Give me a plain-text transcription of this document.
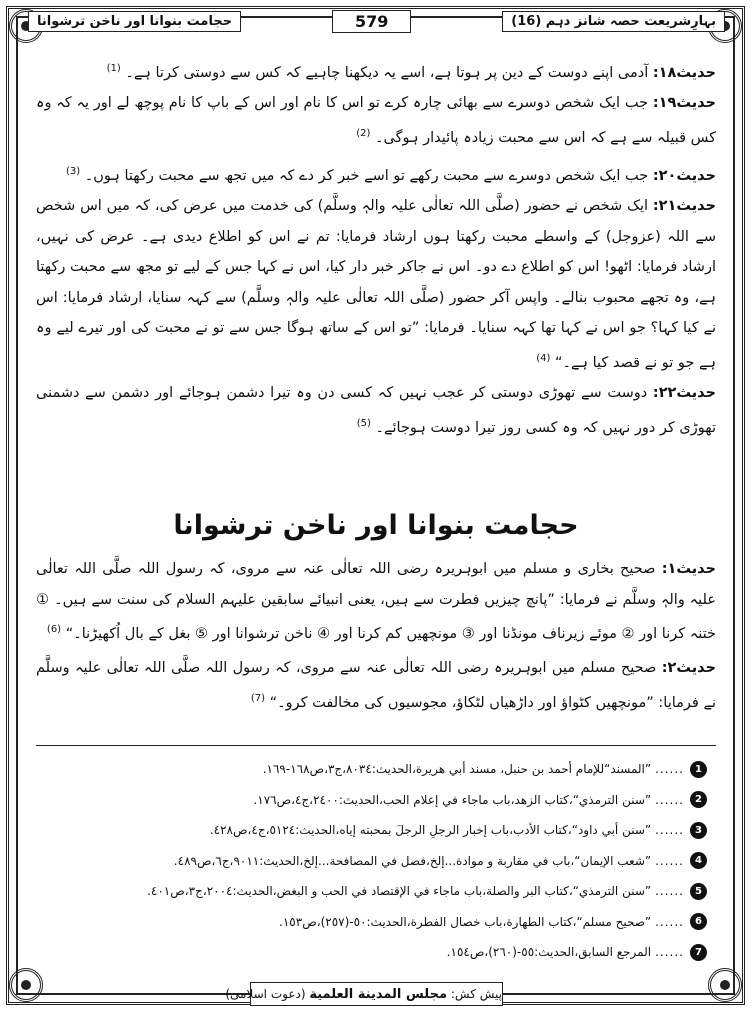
حجامت بنوانا اور ناخن ترشوانا	579	بہارِشریعت حصہ شانز دہم (16)

حدیث۱۸: آدمی اپنے دوست کے دین پر ہوتا ہے، اسے یہ دیکھنا چاہیے کہ کس سے دوستی کرتا ہے۔ $^{(1)}$

حدیث۱۹: جب ایک شخص دوسرے سے بھائی چارہ کرے تو اس کا نام اور اس کے باپ کا نام پوچھ لے اور یہ کہ وہ کس قبیلہ سے ہے کہ اس سے محبت زیادہ پائیدار ہوگی۔ $^{(2)}$

حدیث۲۰: جب ایک شخص دوسرے سے محبت رکھے تو اسے خبر کر دے کہ میں تجھ سے محبت رکھتا ہوں۔ $^{(3)}$

حدیث۲۱: ایک شخص نے حضور (صلَّی اللہ تعالٰی علیہ والہٖ وسلَّم) کی خدمت میں عرض کی، کہ میں اس شخص سے اللہ (عزوجل) کے واسطے محبت رکھتا ہوں ارشاد فرمایا: تم نے اس کو اطلاع دیدی ہے۔ عرض کی نہیں، ارشاد فرمایا: اٹھو! اس کو اطلاع دے دو۔ اس نے جاکر خبر دار کیا، اس نے کہا جس کے لیے تو مجھ سے محبت رکھتا ہے، وہ تجھے محبوب بنالے۔ واپس آکر حضور (صلَّی اللہ تعالٰی علیہ والہٖ وسلَّم) سے کہہ سنایا، ارشاد فرمایا: اس نے کیا کہا؟ جو اس نے کہا تھا کہہ سنایا۔ فرمایا: ”تو اس کے ساتھ ہوگا جس سے تو نے محبت کی اور تیرے لیے وہ ہے جو تو نے قصد کیا ہے۔“ $^{(4)}$

حدیث۲۲: دوست سے تھوڑی دوستی کر عجب نہیں کہ کسی دن وہ تیرا دشمن ہوجائے اور دشمن سے دشمنی تھوڑی کر دور نہیں کہ وہ کسی روز تیرا دوست ہوجائے۔ $^{(5)}$

حجامت بنوانا اور ناخن ترشوانا

حدیث۱: صحیح بخاری و مسلم میں ابوہریرہ رضی اللہ تعالٰی عنہ سے مروی، کہ رسول اللہ صلَّی اللہ تعالٰی علیہ والہٖ وسلَّم نے فرمایا: ”پانچ چیزیں فطرت سے ہیں، یعنی انبیائے سابقین علیہم السلام کی سنت سے ہیں۔ ① ختنہ کرنا اور ② موئے زیرناف مونڈنا اور ③ مونچھیں کم کرنا اور ④ ناخن ترشوانا اور ⑤ بغل کے بال اُکھیڑنا۔“ $^{(6)}$

حدیث۲: صحیح مسلم میں ابوہریرہ رضی اللہ تعالٰی عنہ سے مروی، کہ رسول اللہ صلَّی اللہ تعالٰی علیہ وسلَّم نے فرمایا: ”مونچھیں کٹواؤ اور داڑھیاں لٹکاؤ، مجوسیوں کی مخالفت کرو۔“ $^{(7)}$

1
......
”المسند“للإمام أحمد بن حنبل، مسند أبي هريرة،الحديث:٨٠٣٤،ج٣،ص١٦٨-١٦٩.
2
......
”سنن الترمذي“،كتاب الزهد،باب ماجاء في إعلام الحب،الحديث:٢٤٠٠،ج٤،ص١٧٦.
3
......
”سنن أبي داود“،كتاب الأدب،باب إخبار الرجلِ الرجلَ بمحبته إياه،الحديث:٥١٢٤،ج٤،ص٤٢٨.
4
......
”شعب الإيمان“،باب في مقاربة و موادة...إلخ،فصل في المصافحة...إلخ،الحديث:٩٠١١،ج٦،ص٤٨٩.
5
......
”سنن الترمذي“،كتاب البر والصلة،باب ماجاء في الإقتصاد في الحب و البغض،الحديث:٢٠٠٤،ج٣،ص٤٠١.
6
......
”صحيح مسلم“،كتاب الطهارة،باب خصال الفطرة،الحديث:٥٠-(٢٥٧)،ص١٥٣.
7
......
المرجع السابق،الحديث:٥٥-(٢٦٠)،ص١٥٤.
پیش کش: مجلس المدينة العلمية (دعوت اسلامی)
